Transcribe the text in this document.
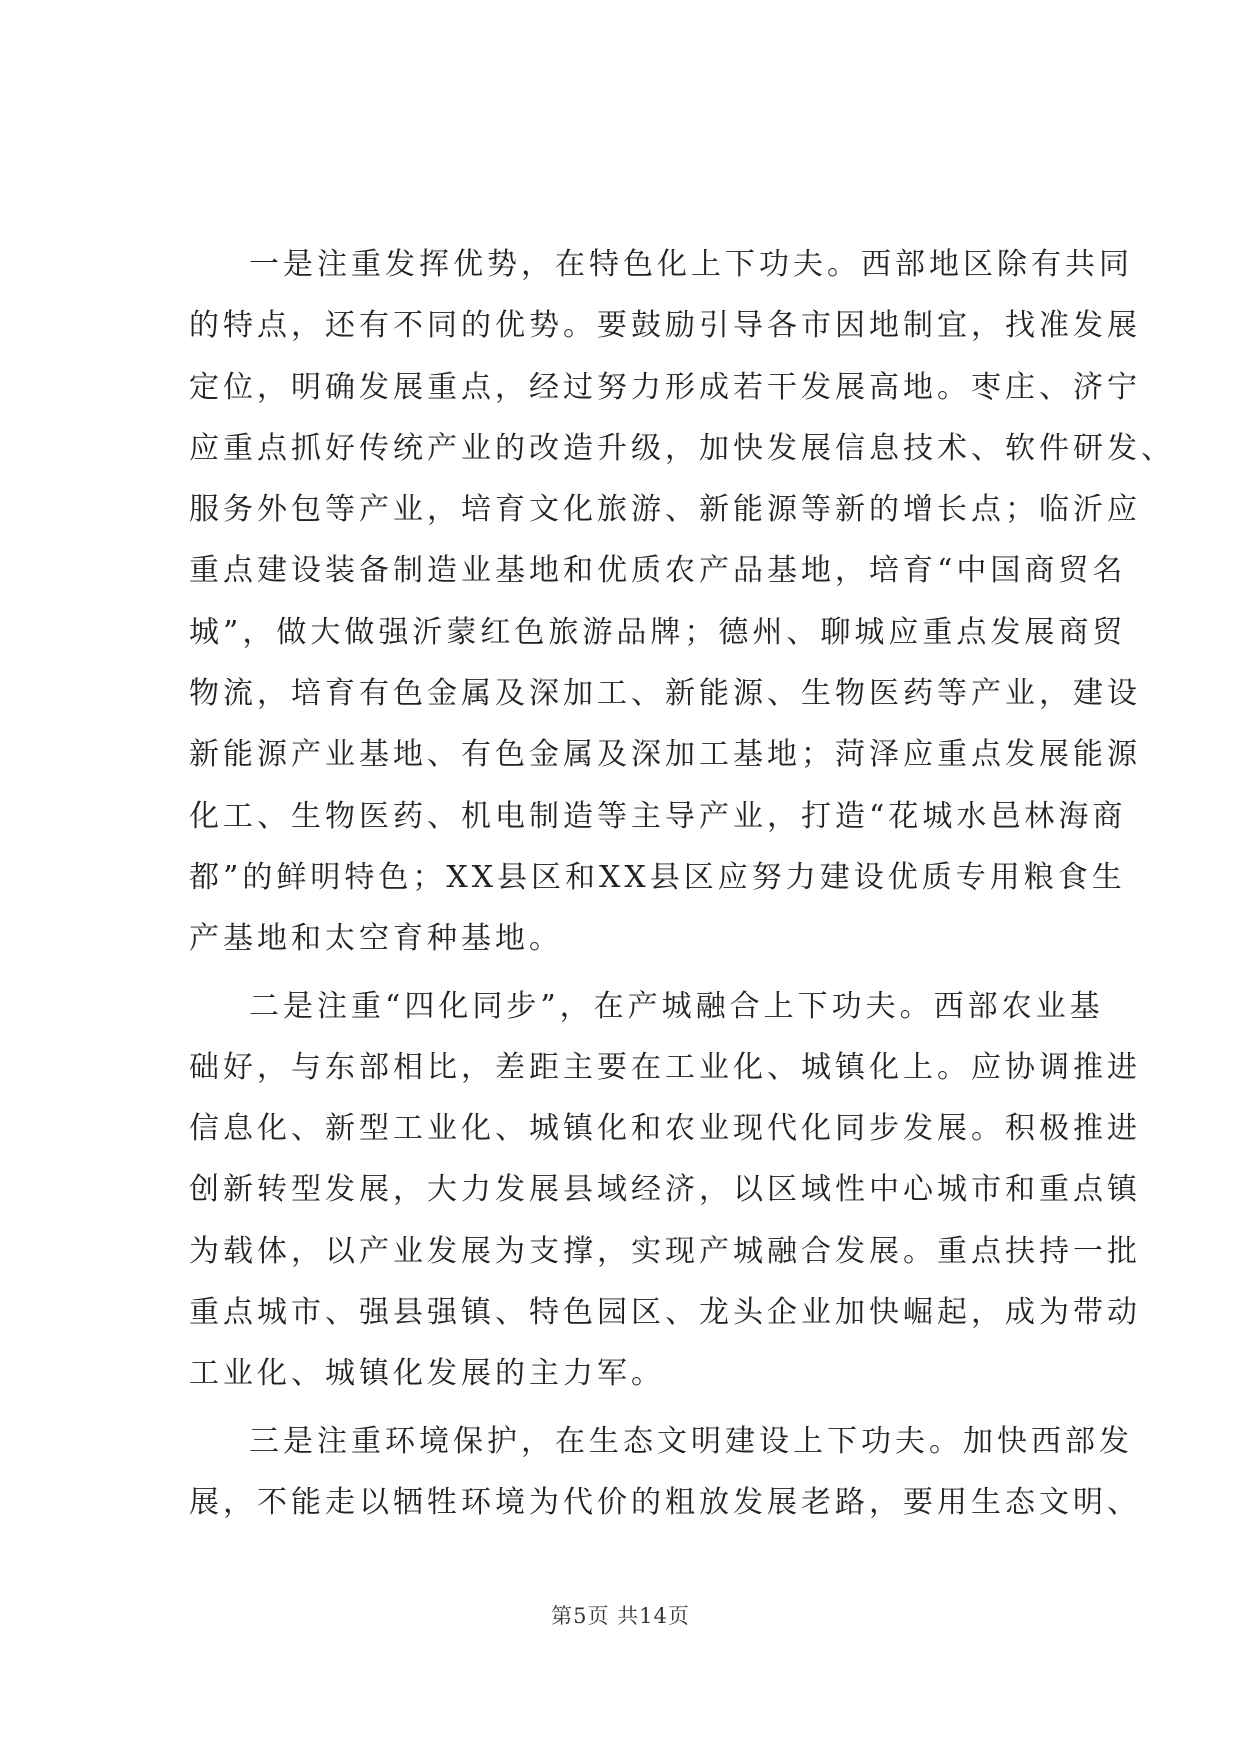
一是注重发挥优势，在特色化上下功夫。西部地区除有共同
的特点，还有不同的优势。要鼓励引导各市因地制宜，找准发展
定位，明确发展重点，经过努力形成若干发展高地。枣庄、济宁
应重点抓好传统产业的改造升级，加快发展信息技术、软件研发、
服务外包等产业，培育文化旅游、新能源等新的增长点；临沂应
重点建设装备制造业基地和优质农产品基地，培育“中国商贸名
城”，做大做强沂蒙红色旅游品牌；德州、聊城应重点发展商贸
物流，培育有色金属及深加工、新能源、生物医药等产业，建设
新能源产业基地、有色金属及深加工基地；菏泽应重点发展能源
化工、生物医药、机电制造等主导产业，打造“花城水邑林海商
都”的鲜明特色；XX县区和XX县区应努力建设优质专用粮食生
产基地和太空育种基地。
二是注重“四化同步”，在产城融合上下功夫。西部农业基
础好，与东部相比，差距主要在工业化、城镇化上。应协调推进
信息化、新型工业化、城镇化和农业现代化同步发展。积极推进
创新转型发展，大力发展县域经济，以区域性中心城市和重点镇
为载体，以产业发展为支撑，实现产城融合发展。重点扶持一批
重点城市、强县强镇、特色园区、龙头企业加快崛起，成为带动
工业化、城镇化发展的主力军。
三是注重环境保护，在生态文明建设上下功夫。加快西部发
展，不能走以牺牲环境为代价的粗放发展老路，要用生态文明、
第5页 共14页
